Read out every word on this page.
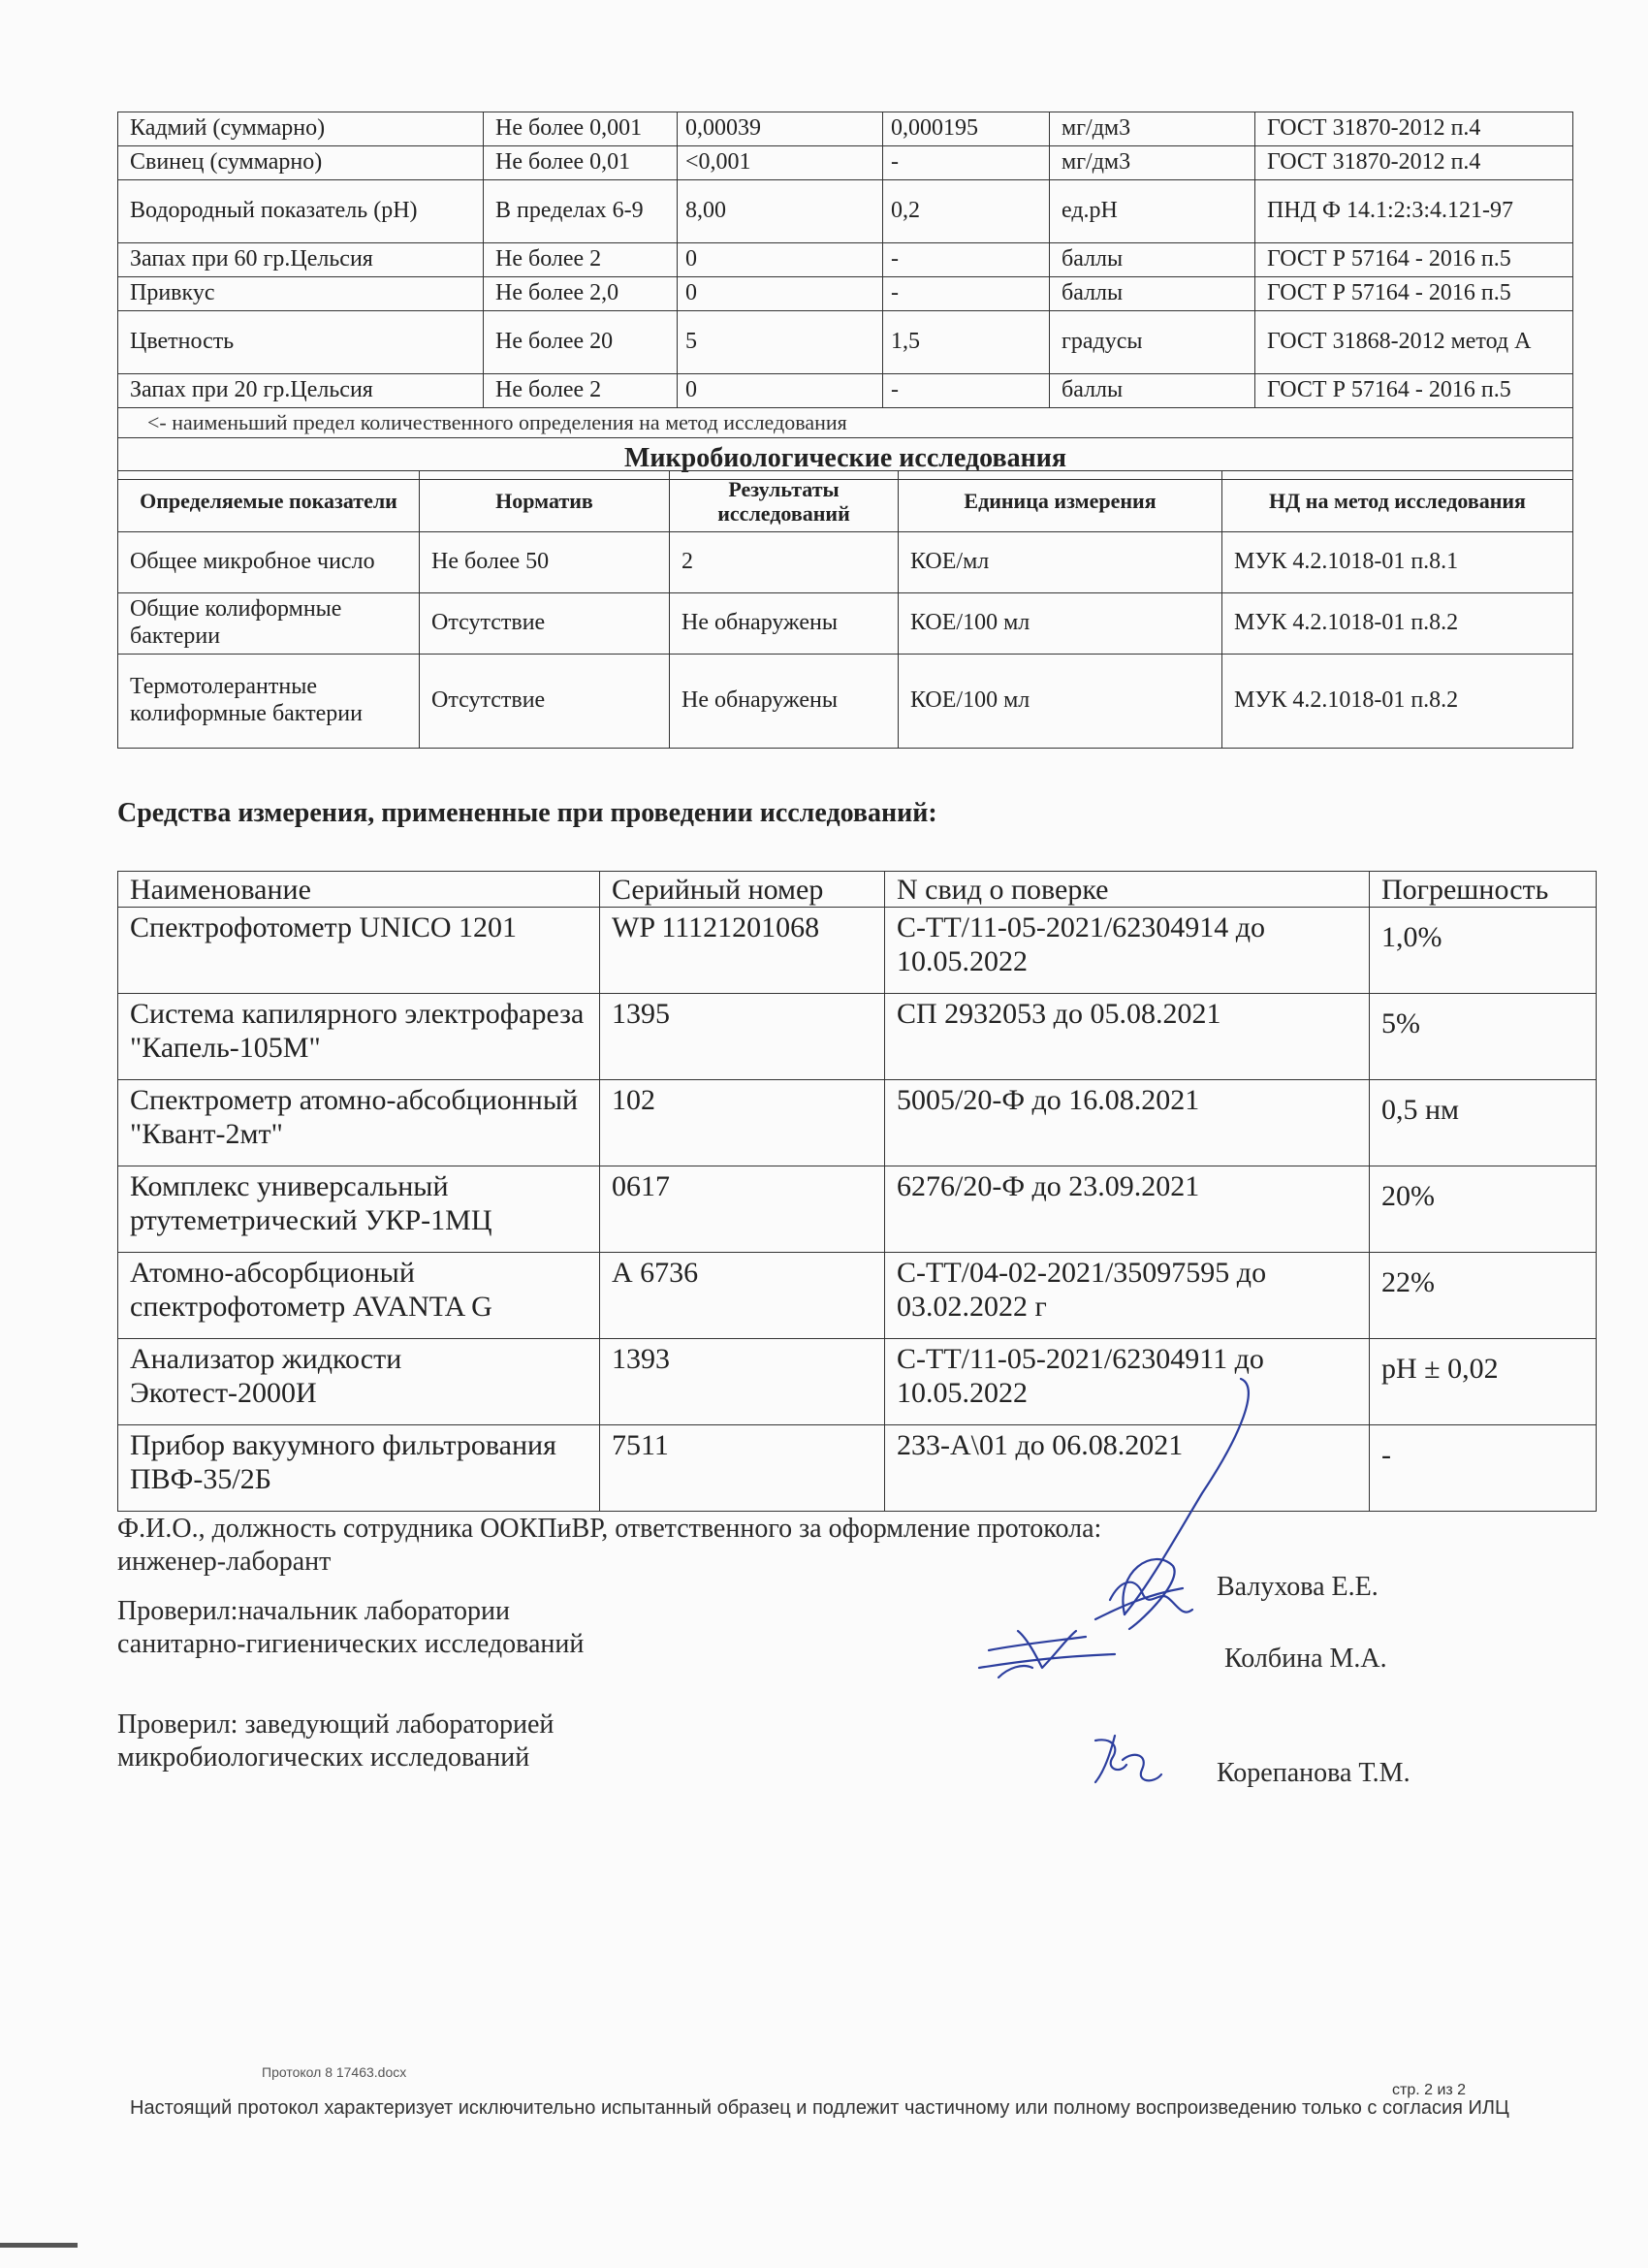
Кадмий (суммарно)	Не более 0,001	0,00039	0,000195	мг/дм3	ГОСТ 31870-2012 п.4
Свинец (суммарно)	Не более 0,01	<0,001	-	мг/дм3	ГОСТ 31870-2012 п.4
Водородный показатель (pH)	В пределах 6-9	8,00	0,2	ед.pH	ПНД Ф 14.1:2:3:4.121-97
Запах при 60 гр.Цельсия	Не более 2	0	-	баллы	ГОСТ Р 57164 - 2016 п.5
Привкус	Не более 2,0	0	-	баллы	ГОСТ Р 57164 - 2016 п.5
Цветность	Не более 20	5	1,5	градусы	ГОСТ 31868-2012 метод А
Запах при 20 гр.Цельсия	Не более 2	0	-	баллы	ГОСТ Р 57164 - 2016 п.5
<- наименьший предел количественного определения на метод исследования					
Микробиологические исследования					
Определяемые показатели	Норматив	Результаты исследований	Единица измерения	НД на метод исследования
Общее микробное число	Не более 50	2	КОЕ/мл	МУК 4.2.1018-01 п.8.1
Общие колиформные бактерии	Отсутствие	Не обнаружены	КОЕ/100 мл	МУК 4.2.1018-01 п.8.2
Термотолерантные колиформные бактерии	Отсутствие	Не обнаружены	КОЕ/100 мл	МУК 4.2.1018-01 п.8.2
Средства измерения, примененные при проведении исследований:
Наименование	Серийный номер	N свид о поверке	Погрешность
Спектрофотометр UNICO 1201	WP 11121201068	С-ТТ/11-05-2021/62304914 до 10.05.2022	1,0%
Система капилярного электрофареза "Капель-105М"	1395	СП 2932053 до 05.08.2021	5%
Спектрометр атомно-абсобционный "Квант-2мт"	102	5005/20-Ф до 16.08.2021	0,5 нм
Комплекс универсальный ртутеметрический УКР-1МЦ	0617	6276/20-Ф до 23.09.2021	20%
Атомно-абсорбционый спектрофотометр AVANTA G	А 6736	С-ТТ/04-02-2021/35097595 до 03.02.2022 г	22%
Анализатор жидкости Экотест-2000И	1393	С-ТТ/11-05-2021/62304911 до 10.05.2022	pH ± 0,02
Прибор вакуумного фильтрования ПВФ-35/2Б	7511	233-А\01 до 06.08.2021	-
Ф.И.О., должность сотрудника ООКПиВР, ответственного за оформление протокола:
инженер-лаборант
Валухова Е.Е.
Проверил:начальник лаборатории
санитарно-гигиенических исследований	Колбина М.А.
Проверил: заведующий лабораторией
микробиологических исследований
Корепанова Т.М.
Протокол 8 17463.docx
стр. 2 из 2
Настоящий протокол характеризует исключительно испытанный образец и подлежит частичному или полному воспроизведению только с согласия ИЛЦ
